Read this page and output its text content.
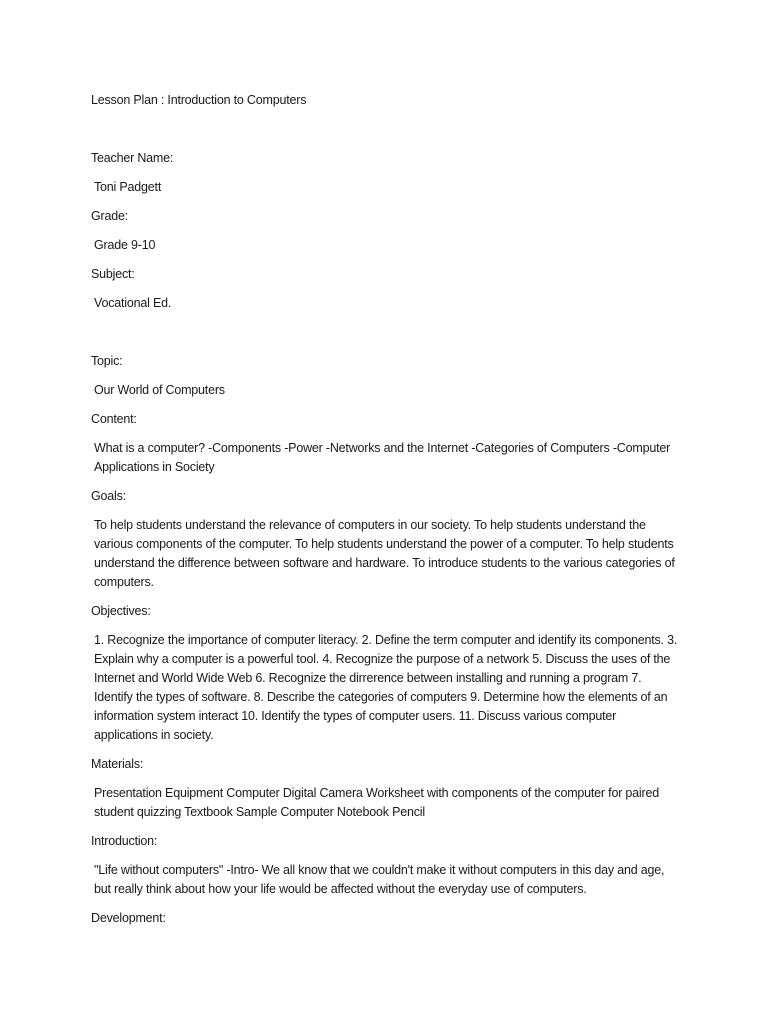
Lesson Plan : Introduction to Computers

Teacher Name:

Toni Padgett

Grade:

Grade 9-10

Subject:

Vocational Ed.

Topic:

Our World of Computers

Content:

What is a computer? -Components -Power -Networks and the Internet -Categories of Computers -Computer Applications in Society

Goals:

To help students understand the relevance of computers in our society. To help students understand the various components of the computer. To help students understand the power of a computer. To help students understand the difference between software and hardware. To introduce students to the various categories of computers.

Objectives:

1. Recognize the importance of computer literacy. 2. Define the term computer and identify its components. 3. Explain why a computer is a powerful tool. 4. Recognize the purpose of a network 5. Discuss the uses of the Internet and World Wide Web 6. Recognize the dirrerence between installing and running a program 7. Identify the types of software. 8. Describe the categories of computers 9. Determine how the elements of an information system interact 10. Identify the types of computer users. 11. Discuss various computer applications in society.

Materials:

Presentation Equipment Computer Digital Camera Worksheet with components of the computer for paired student quizzing Textbook Sample Computer Notebook Pencil

Introduction:

"Life without computers" -Intro- We all know that we couldn't make it without computers in this day and age, but really think about how your life would be affected without the everyday use of computers.

Development:
